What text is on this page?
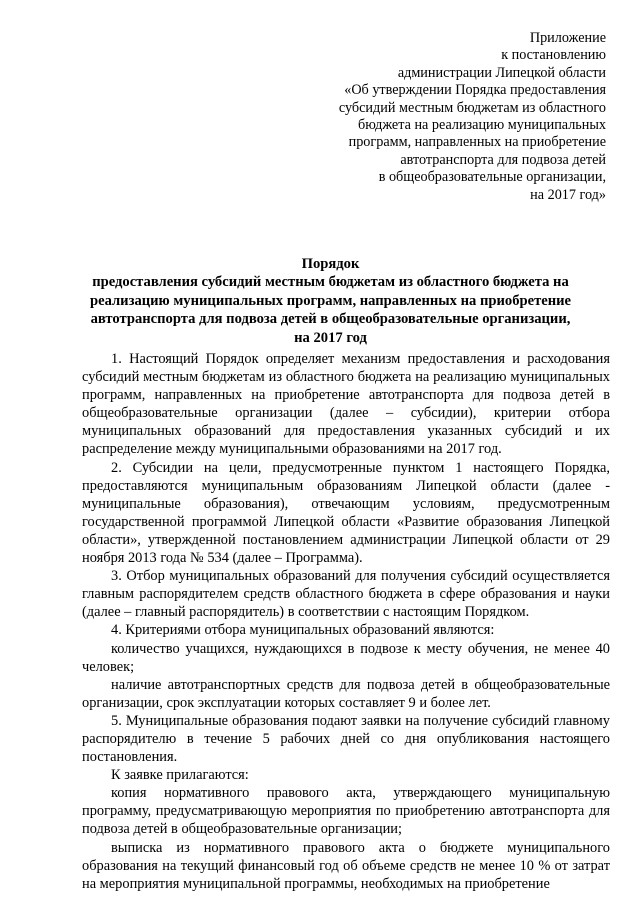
Приложение
к постановлению
администрации Липецкой области
«Об утверждении Порядка предоставления
субсидий местным бюджетам из областного
бюджета на реализацию муниципальных
программ, направленных на приобретение
автотранспорта для подвоза детей
в общеобразовательные организации,
на 2017 год»
Порядок
предоставления субсидий местным бюджетам из областного бюджета на
реализацию муниципальных программ, направленных на приобретение
автотранспорта для подвоза детей в общеобразовательные организации,
на 2017 год

1. Настоящий Порядок определяет механизм предоставления и расходования субсидий местным бюджетам из областного бюджета на реализацию муниципальных программ, направленных на приобретение автотранспорта для подвоза детей в общеобразовательные организации (далее – субсидии), критерии отбора муниципальных образований для предоставления указанных субсидий и их распределение между муниципальными образованиями на 2017 год.

2. Субсидии на цели, предусмотренные пунктом 1 настоящего Порядка, предоставляются муниципальным образованиям Липецкой области (далее - муниципальные образования), отвечающим условиям, предусмотренным государственной программой Липецкой области «Развитие образования Липецкой области», утвержденной постановлением администрации Липецкой области от 29 ноября 2013 года № 534 (далее – Программа).

3. Отбор муниципальных образований для получения субсидий осуществляется главным распорядителем средств областного бюджета в сфере образования и науки (далее – главный распорядитель) в соответствии с настоящим Порядком.

4. Критериями отбора муниципальных образований являются:

количество учащихся, нуждающихся в подвозе к месту обучения, не менее 40 человек;

наличие автотранспортных средств для подвоза детей в общеобразовательные организации, срок эксплуатации которых составляет 9 и более лет.

5. Муниципальные образования подают заявки на получение субсидий главному распорядителю в течение 5 рабочих дней со дня опубликования настоящего постановления.

К заявке прилагаются:

копия нормативного правового акта, утверждающего муниципальную программу, предусматривающую мероприятия по приобретению автотранспорта для подвоза детей в общеобразовательные организации;

выписка из нормативного правового акта о бюджете муниципального образования на текущий финансовый год об объеме средств не менее 10 % от затрат на мероприятия муниципальной программы, необходимых на приобретение
